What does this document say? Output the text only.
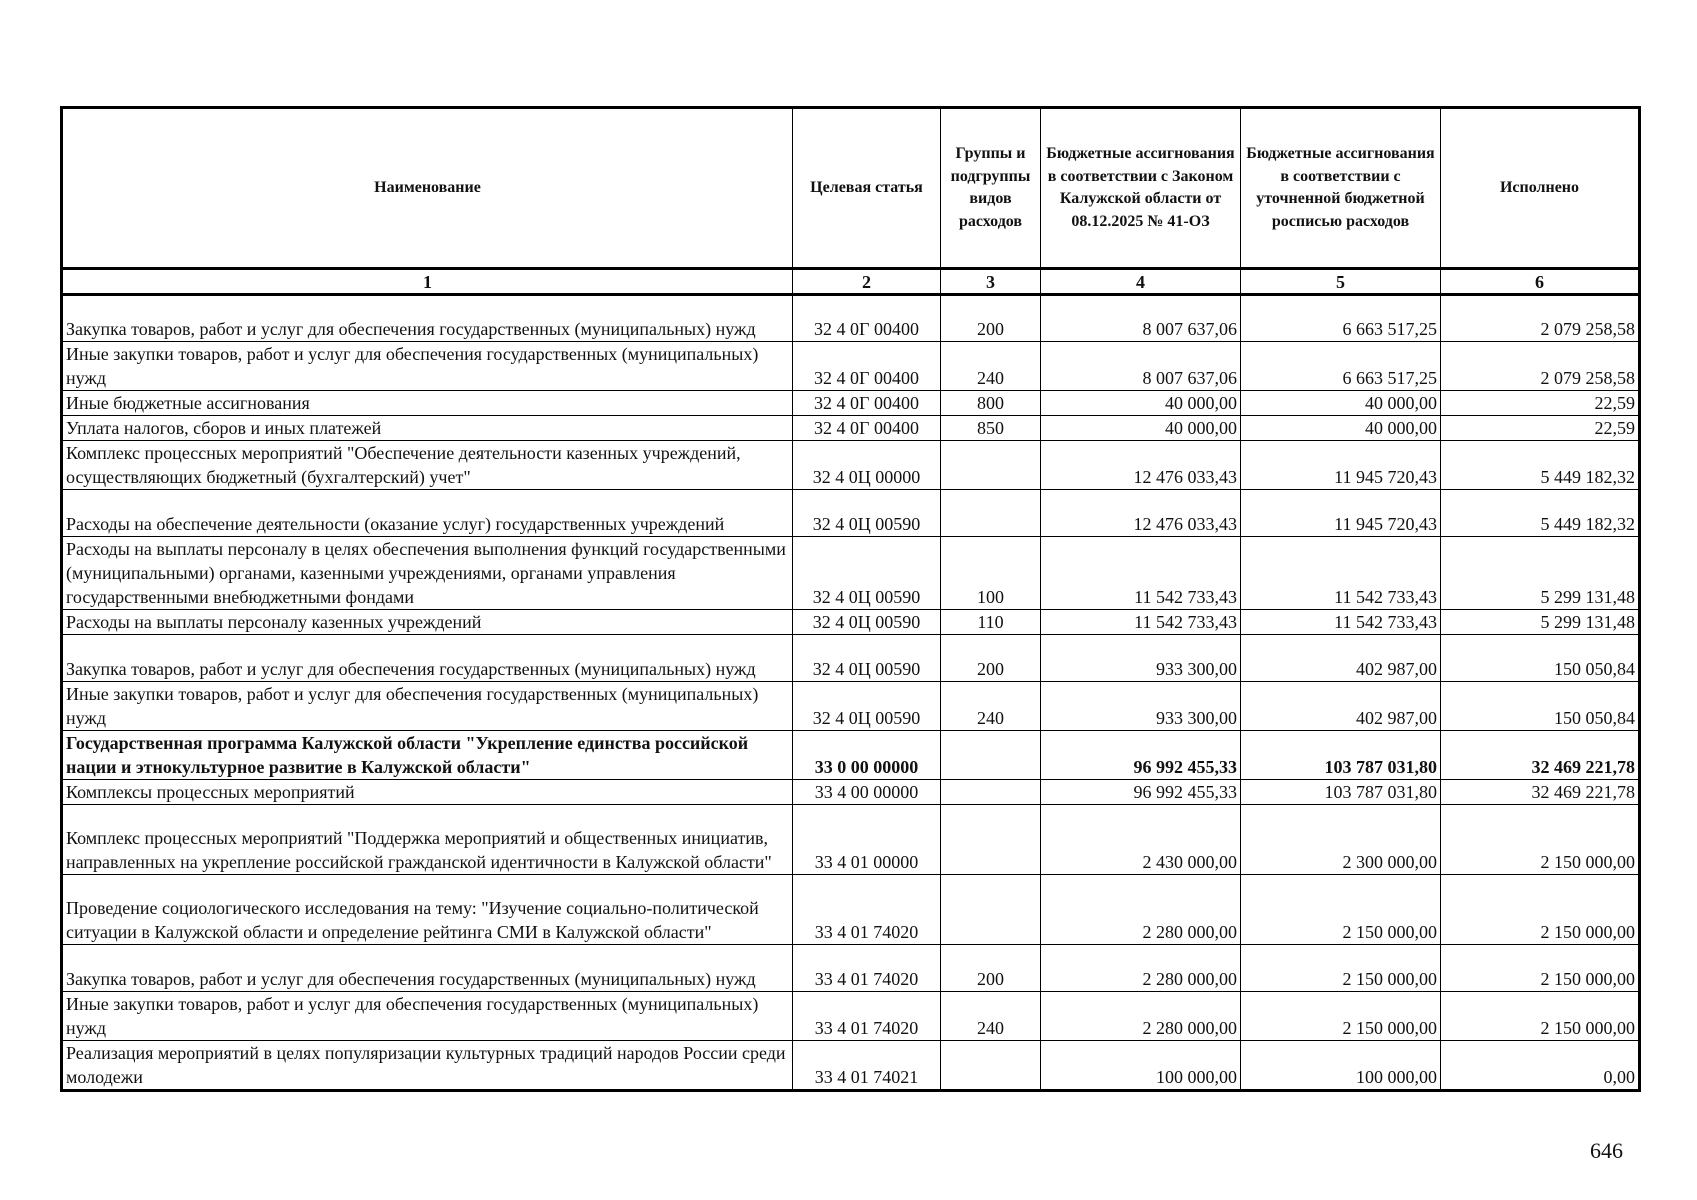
Наименование	Целевая статья	Группы и подгруппы видов расходов	Бюджетные ассигнования в соответствии с Законом Калужской области от 08.12.2025 № 41-ОЗ	Бюджетные ассигнования в соответствии с уточненной бюджетной росписью расходов	Исполнено
1	2	3	4	5	6
Закупка товаров, работ и услуг для обеспечения государственных (муниципальных) нужд	32 4 0Г 00400	200	8 007 637,06	6 663 517,25	2 079 258,58
Иные закупки товаров, работ и услуг для обеспечения государственных (муниципальных) нужд	32 4 0Г 00400	240	8 007 637,06	6 663 517,25	2 079 258,58
Иные бюджетные ассигнования	32 4 0Г 00400	800	40 000,00	40 000,00	22,59
Уплата налогов, сборов и иных платежей	32 4 0Г 00400	850	40 000,00	40 000,00	22,59
Комплекс процессных мероприятий "Обеспечение деятельности казенных учреждений, осуществляющих бюджетный (бухгалтерский) учет"	32 4 0Ц 00000		12 476 033,43	11 945 720,43	5 449 182,32
Расходы на обеспечение деятельности (оказание услуг) государственных учреждений	32 4 0Ц 00590		12 476 033,43	11 945 720,43	5 449 182,32
Расходы на выплаты персоналу в целях обеспечения выполнения функций государственными (муниципальными) органами, казенными учреждениями, органами управления государственными внебюджетными фондами	32 4 0Ц 00590	100	11 542 733,43	11 542 733,43	5 299 131,48
Расходы на выплаты персоналу казенных учреждений	32 4 0Ц 00590	110	11 542 733,43	11 542 733,43	5 299 131,48
Закупка товаров, работ и услуг для обеспечения государственных (муниципальных) нужд	32 4 0Ц 00590	200	933 300,00	402 987,00	150 050,84
Иные закупки товаров, работ и услуг для обеспечения государственных (муниципальных) нужд	32 4 0Ц 00590	240	933 300,00	402 987,00	150 050,84
Государственная программа Калужской области "Укрепление единства российской нации и этнокультурное развитие в Калужской области"	33 0 00 00000		96 992 455,33	103 787 031,80	32 469 221,78
Комплексы процессных мероприятий	33 4 00 00000		96 992 455,33	103 787 031,80	32 469 221,78
Комплекс процессных мероприятий "Поддержка мероприятий и общественных инициатив, направленных на укрепление российской гражданской идентичности в Калужской области"	33 4 01 00000		2 430 000,00	2 300 000,00	2 150 000,00
Проведение социологического исследования на тему: "Изучение социально-политической ситуации в Калужской области и определение рейтинга СМИ в Калужской области"	33 4 01 74020		2 280 000,00	2 150 000,00	2 150 000,00
Закупка товаров, работ и услуг для обеспечения государственных (муниципальных) нужд	33 4 01 74020	200	2 280 000,00	2 150 000,00	2 150 000,00
Иные закупки товаров, работ и услуг для обеспечения государственных (муниципальных) нужд	33 4 01 74020	240	2 280 000,00	2 150 000,00	2 150 000,00
Реализация мероприятий в целях популяризации культурных традиций народов России среди молодежи	33 4 01 74021		100 000,00	100 000,00	0,00
646
